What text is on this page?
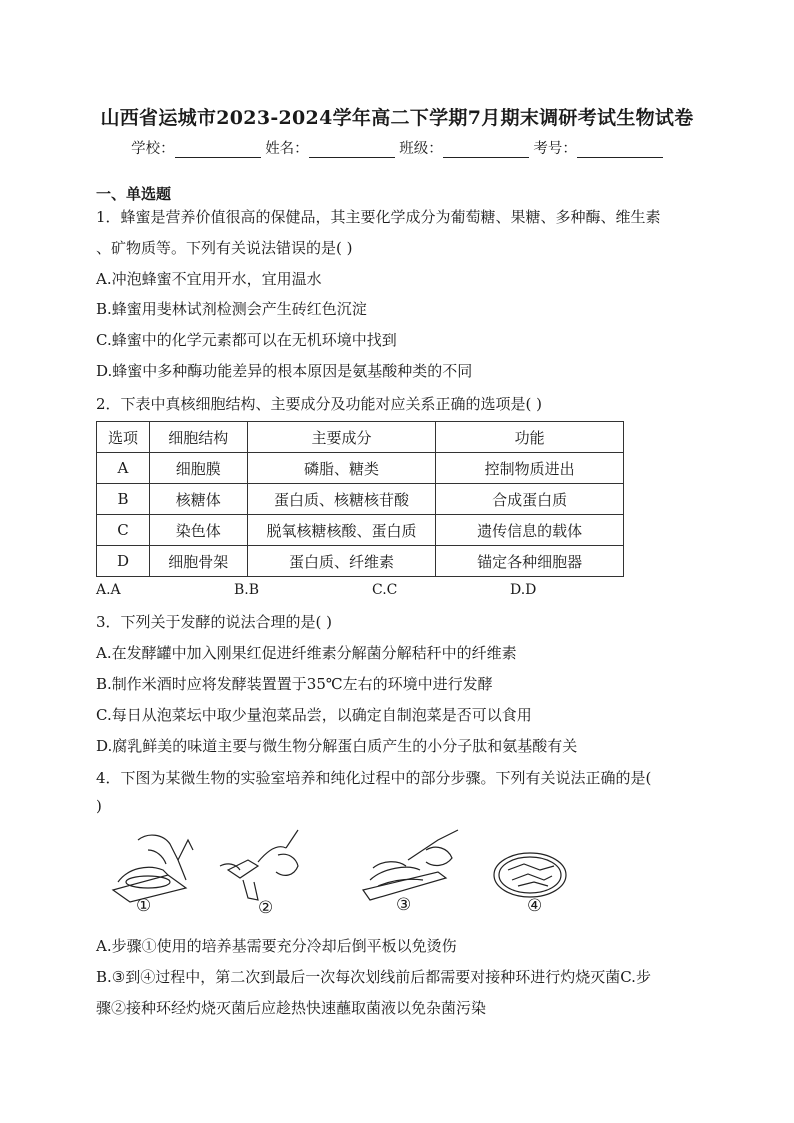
山西省运城市2023-2024学年高二下学期7月期末调研考试生物试卷
学校：	姓名：	班级：	考号：
一、单选题
1．蜂蜜是营养价值很高的保健品，其主要化学成分为葡萄糖、果糖、多种酶、维生素
、矿物质等。下列有关说法错误的是( )
A.冲泡蜂蜜不宜用开水，宜用温水
B.蜂蜜用斐林试剂检测会产生砖红色沉淀
C.蜂蜜中的化学元素都可以在无机环境中找到
D.蜂蜜中多种酶功能差异的根本原因是氨基酸种类的不同
2．下表中真核细胞结构、主要成分及功能对应关系正确的选项是( )
选项	细胞结构	主要成分	功能
A	细胞膜	磷脂、糖类	控制物质进出
B	核糖体	蛋白质、核糖核苷酸	合成蛋白质
C	染色体	脱氧核糖核酸、蛋白质	遗传信息的载体
D	细胞骨架	蛋白质、纤维素	锚定各种细胞器
A.A	B.B	C.C	D.D
3．下列关于发酵的说法合理的是( )
A.在发酵罐中加入刚果红促进纤维素分解菌分解秸秆中的纤维素
B.制作米酒时应将发酵装置置于35℃左右的环境中进行发酵
C.每日从泡菜坛中取少量泡菜品尝，以确定自制泡菜是否可以食用
D.腐乳鲜美的味道主要与微生物分解蛋白质产生的小分子肽和氨基酸有关
4．下图为某微生物的实验室培养和纯化过程中的部分步骤。下列有关说法正确的是(
)
①	②	③	④
A.步骤①使用的培养基需要充分冷却后倒平板以免烫伤
B.③到④过程中，第二次到最后一次每次划线前后都需要对接种环进行灼烧灭菌C.步
骤②接种环经灼烧灭菌后应趁热快速蘸取菌液以免杂菌污染
